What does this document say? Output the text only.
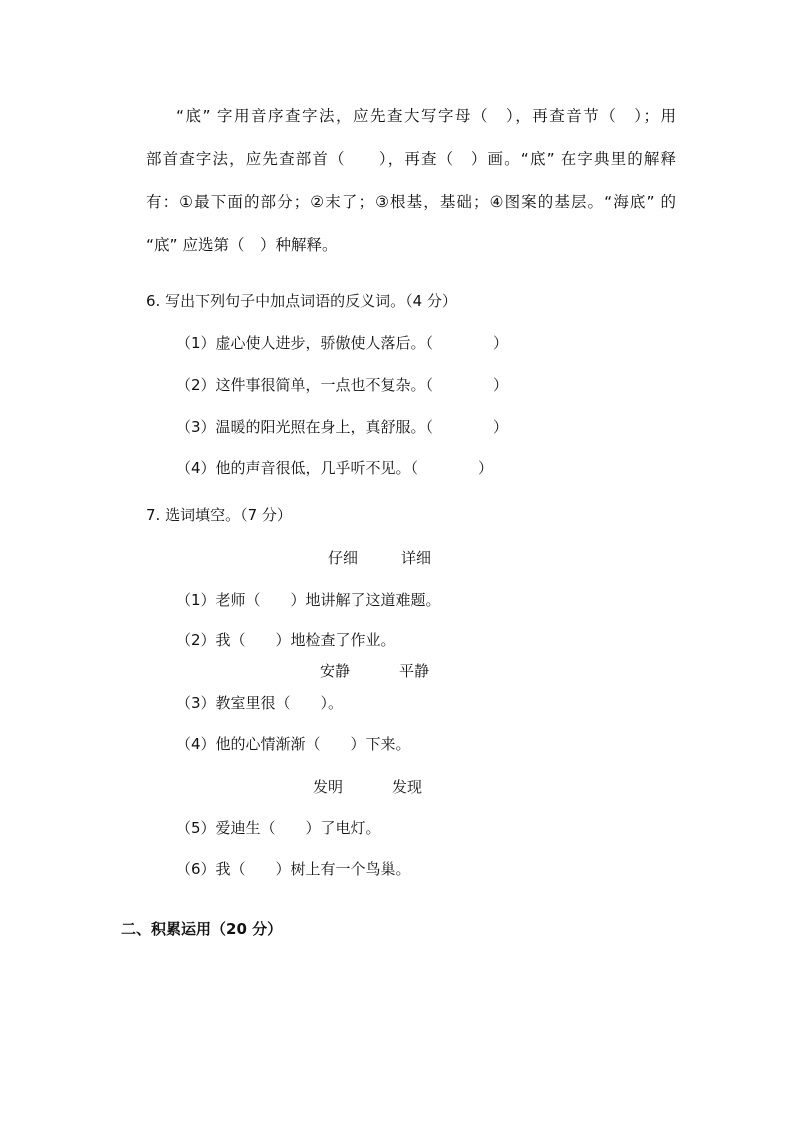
“底” 字用音序查字法，应先查大写字母（　），再查音节（　）；用

部首查字法，应先查部首（　　），再查（　）画。“底” 在字典里的解释

有：①最下面的部分；②末了；③根基，基础；④图案的基层。“海底” 的

“底” 应选第（　）种解释。

6. 写出下列句子中加点词语的反义词。（4 分）
（1）虚心使人进步，骄傲使人落后。（　　　　）
（2）这件事很简单，一点也不复杂。（　　　　）
（3）温暖的阳光照在身上，真舒服。（　　　　）
（4）他的声音很低，几乎听不见。（　　　　）
7. 选词填空。（7 分）
仔细	详细
（1）老师（　　）地讲解了这道难题。
（2）我（　　）地检查了作业。
安静	平静
（3）教室里很（　　）。
（4）他的心情渐渐（　　）下来。
发明	发现
（5）爱迪生（　　）了电灯。
（6）我（　　）树上有一个鸟巢。
二、积累运用（20 分）
